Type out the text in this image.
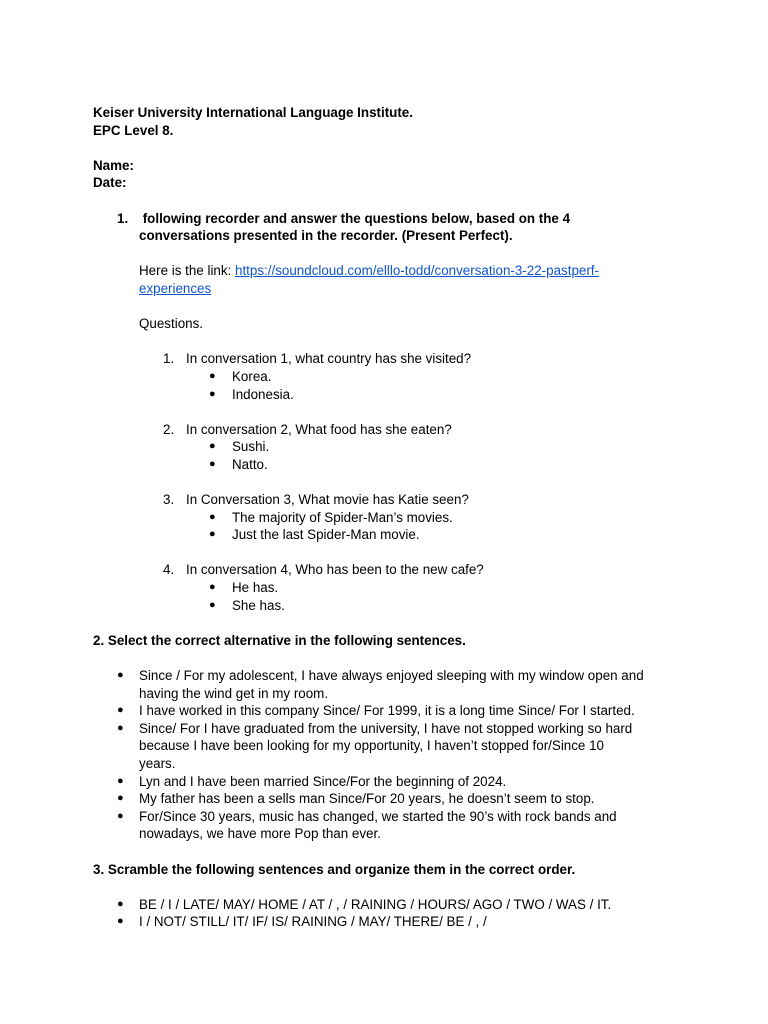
Keiser University International Language Institute.
EPC Level 8.
Name:
Date:
1. following recorder and answer the questions below, based on the 4
conversations presented in the recorder. (Present Perfect).
Here is the link: https://soundcloud.com/elllo-todd/conversation-3-22-pastperf-
experiences
Questions.
1. In conversation 1, what country has she visited?
● Korea.
● Indonesia.
2. In conversation 2, What food has she eaten?
● Sushi.
● Natto.
3. In Conversation 3, What movie has Katie seen?
● The majority of Spider-Man’s movies.
● Just the last Spider-Man movie.
4. In conversation 4, Who has been to the new cafe?
● He has.
● She has.
2. Select the correct alternative in the following sentences.
● Since / For my adolescent, I have always enjoyed sleeping with my window open and
having the wind get in my room.
● I have worked in this company Since/ For 1999, it is a long time Since/ For I started.
● Since/ For I have graduated from the university, I have not stopped working so hard
because I have been looking for my opportunity, I haven’t stopped for/Since 10
years.
● Lyn and I have been married Since/For the beginning of 2024.
● My father has been a sells man Since/For 20 years, he doesn’t seem to stop.
● For/Since 30 years, music has changed, we started the 90’s with rock bands and
nowadays, we have more Pop than ever.
3. Scramble the following sentences and organize them in the correct order.
● BE / I / LATE/ MAY/ HOME / AT / , / RAINING / HOURS/ AGO / TWO / WAS / IT.
● I / NOT/ STILL/ IT/ IF/ IS/ RAINING / MAY/ THERE/ BE / , /
